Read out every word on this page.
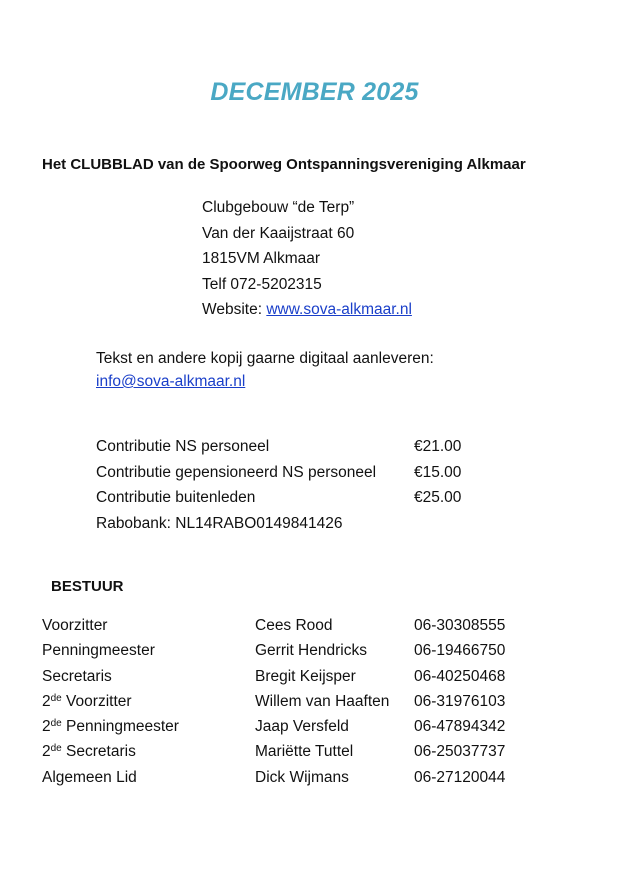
DECEMBER 2025
Het CLUBBLAD van de Spoorweg Ontspanningsvereniging Alkmaar
Clubgebouw “de Terp”
Van der Kaaijstraat 60
1815VM Alkmaar
Telf 072-5202315
Website: www.sova-alkmaar.nl
Tekst en andere kopij gaarne digitaal aanleveren:
info@sova-alkmaar.nl
Contributie NS personeel	€21.00
Contributie gepensioneerd NS personeel €15.00
Contributie buitenleden	€25.00
Rabobank: NL14RABO0149841426
BESTUUR
Voorzitter	Cees Rood	06-30308555
Penningmeester	Gerrit Hendricks	06-19466750
Secretaris	Bregit Keijsper	06-40250468
2de Voorzitter	Willem van Haaften 06-31976103
2de Penningmeester	Jaap Versfeld	06-47894342
2de Secretaris	Mariëtte Tuttel	06-25037737
Algemeen Lid	Dick Wijmans	06-27120044
